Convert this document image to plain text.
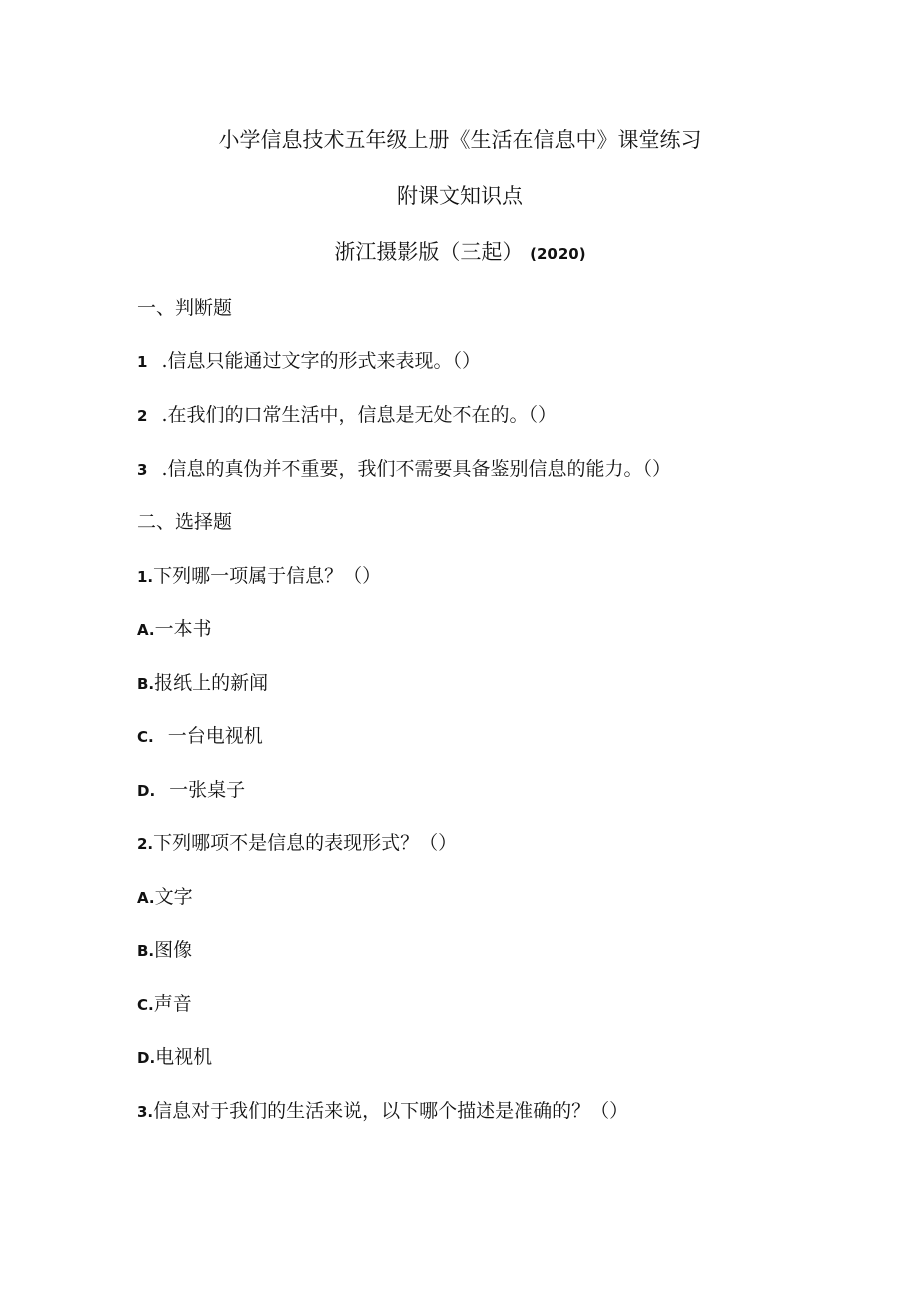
小学信息技术五年级上册《生活在信息中》课堂练习
附课文知识点
浙江摄影版（三起） (2020)
一、判断题
1 .信息只能通过文字的形式来表现。（）
2 .在我们的口常生活中，信息是无处不在的。（）
3 .信息的真伪并不重要，我们不需要具备鉴别信息的能力。（）
二、选择题
1.下列哪一项属于信息？（）
A.一本书
B.报纸上的新闻
C. 一台电视机
D. 一张桌子
2.下列哪项不是信息的表现形式？（）
A.文字
B.图像
C.声音
D.电视机
3.信息对于我们的生活来说，以下哪个描述是准确的？（）
